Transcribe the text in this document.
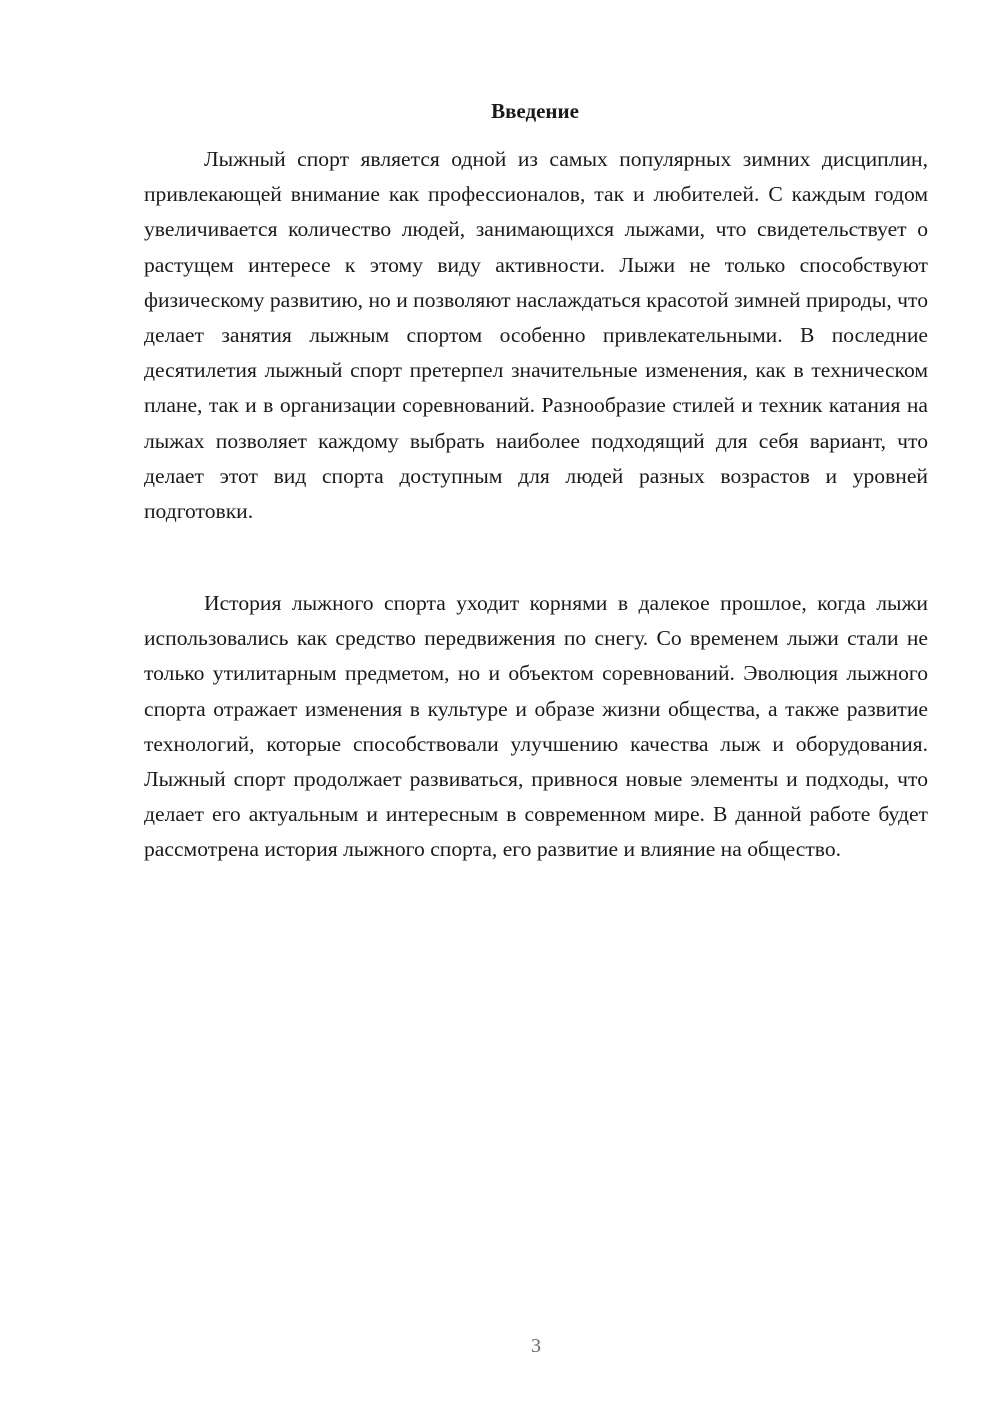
Введение

Лыжный спорт является одной из самых популярных зимних дисциплин, привлекающей внимание как профессионалов, так и любителей. С каждым годом увеличивается количество людей, занимающихся лыжами, что свидетельствует о растущем интересе к этому виду активности. Лыжи не только способствуют физическому развитию, но и позволяют наслаждаться красотой зимней природы, что делает занятия лыжным спортом особенно привлекательными. В последние десятилетия лыжный спорт претерпел значительные изменения, как в техническом плане, так и в организации соревнований. Разнообразие стилей и техник катания на лыжах позволяет каждому выбрать наиболее подходящий для себя вариант, что делает этот вид спорта доступным для людей разных возрастов и уровней подготовки.

История лыжного спорта уходит корнями в далекое прошлое, когда лыжи использовались как средство передвижения по снегу. Со временем лыжи стали не только утилитарным предметом, но и объектом соревнований. Эволюция лыжного спорта отражает изменения в культуре и образе жизни общества, а также развитие технологий, которые способствовали улучшению качества лыж и оборудования. Лыжный спорт продолжает развиваться, привнося новые элементы и подходы, что делает его актуальным и интересным в современном мире. В данной работе будет рассмотрена история лыжного спорта, его развитие и влияние на общество.

3
